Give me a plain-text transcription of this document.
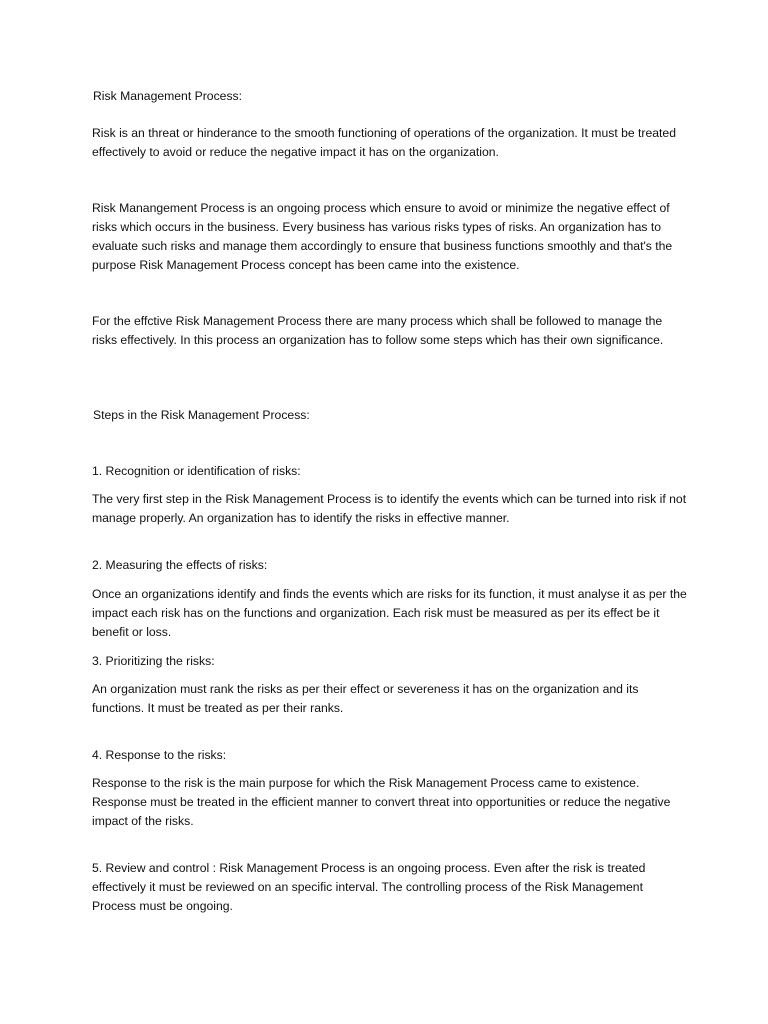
Risk Management Process:

Risk is an threat or hinderance to the smooth functioning of operations of the organization. It must be treated effectively to avoid or reduce the negative impact it has on the organization.

Risk Manangement Process is an ongoing process which ensure to avoid or minimize the negative effect of risks which occurs in the business. Every business has various risks types of risks. An organization has to evaluate such risks and manage them accordingly to ensure that business functions smoothly and that's the purpose Risk Management Process concept has been came into the existence.

For the effctive Risk Management Process there are many process which shall be followed to manage the risks effectively. In this process an organization has to follow some steps which has their own significance.

Steps in the Risk Management Process:

1. Recognition or identification of risks:

The very first step in the Risk Management Process is to identify the events which can be turned into risk if not manage properly. An organization has to identify the risks in effective manner.

2. Measuring the effects of risks:

Once an organizations identify and finds the events which are risks for its function, it must analyse it as per the impact each risk has on the functions and organization. Each risk must be measured as per its effect be it benefit or loss.

3. Prioritizing the risks:

An organization must rank the risks as per their effect or severeness it has on the organization and its functions. It must be treated as per their ranks.

4. Response to the risks:

Response to the risk is the main purpose for which the Risk Management Process came to existence. Response must be treated in the efficient manner to convert threat into opportunities or reduce the negative impact of the risks.

5. Review and control : Risk Management Process is an ongoing process. Even after the risk is treated effectively it must be reviewed on an specific interval. The controlling process of the Risk Management Process must be ongoing.
